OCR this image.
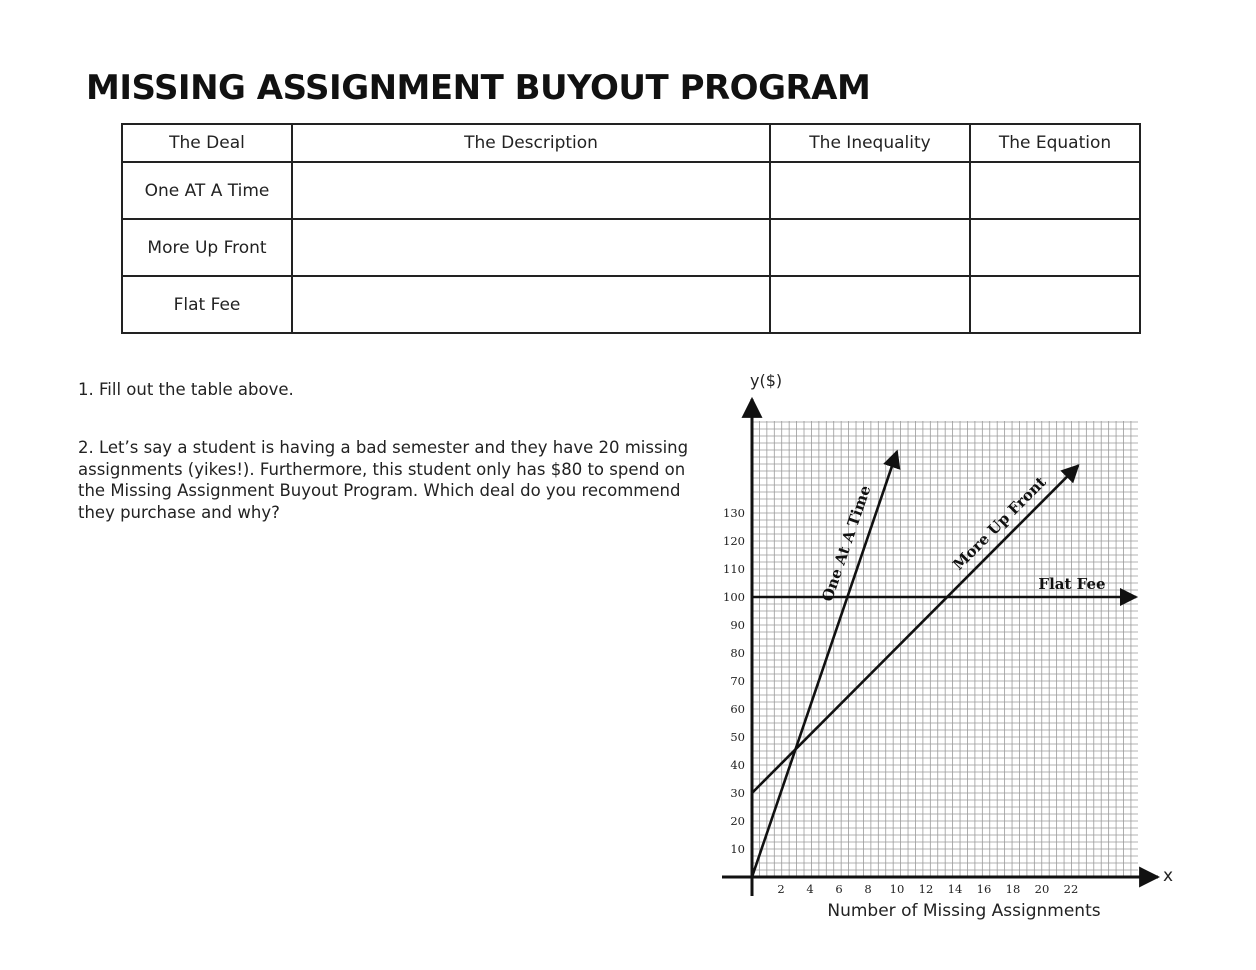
MISSING ASSIGNMENT BUYOUT PROGRAM
The Deal	The Description	The Inequality	The Equation
One AT A Time			
More Up Front			
Flat Fee			
1. Fill out the table above.
2. Let’s say a student is having a bad semester and they have 20 missing
assignments (yikes!). Furthermore, this student only has $80 to spend on
the Missing Assignment Buyout Program. Which deal do you recommend
they purchase and why?
2 4 6 8 10 12 14 16 18 20 22
10
20
30
40
50
60
70
80
90
100
110
120
130	One At A Time	More Up Front
Flat Fee
y($)
x
Number of Missing Assignments
